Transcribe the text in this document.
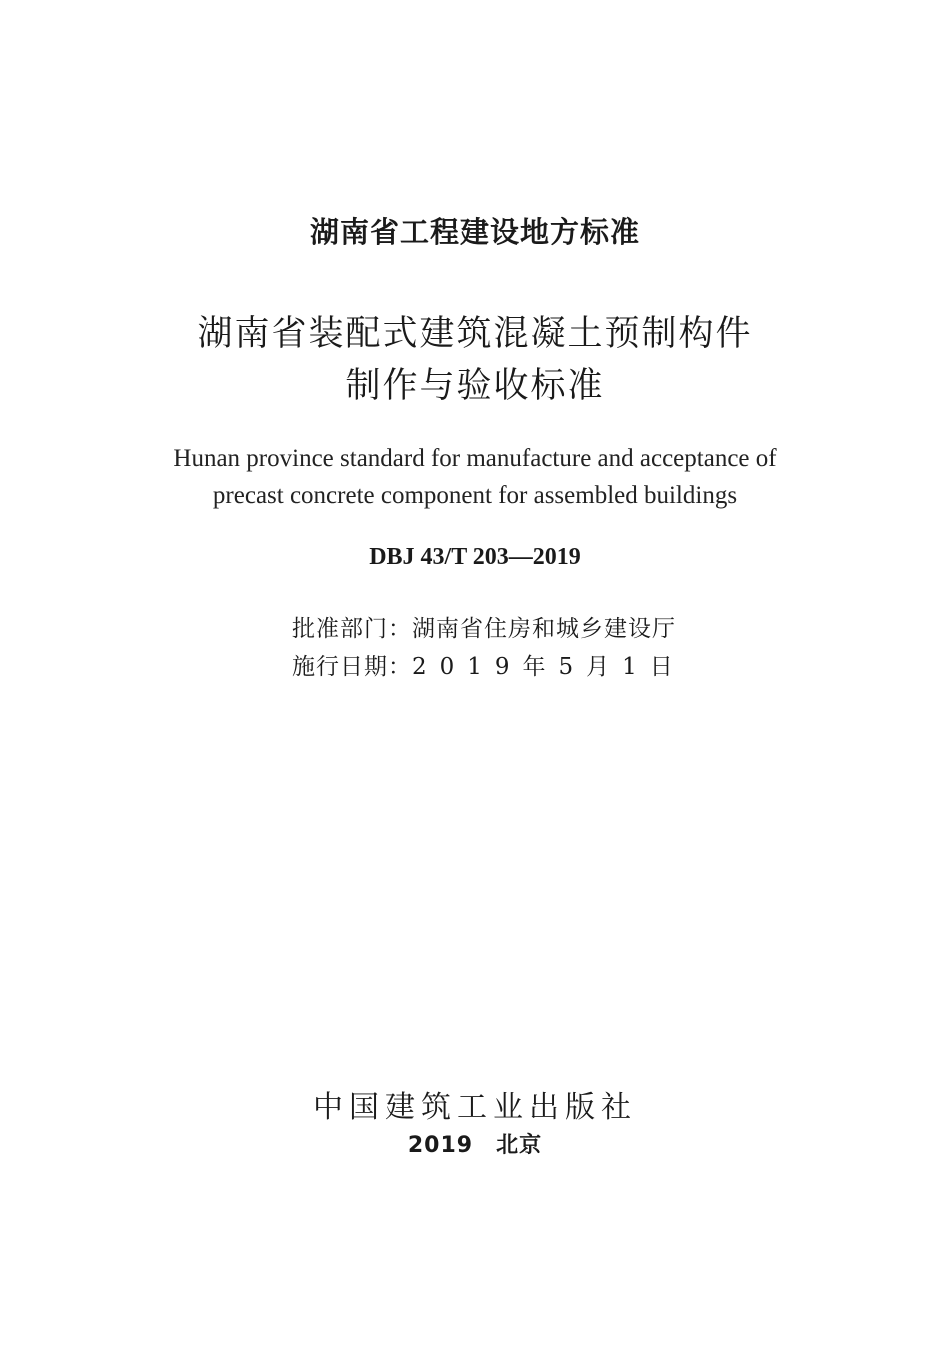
湖南省工程建设地方标准
湖南省装配式建筑混凝土预制构件
制作与验收标准
Hunan province standard for manufacture and acceptance of
precast concrete component for assembled buildings
DBJ 43/T 203—2019
批准部门：湖南省住房和城乡建设厅
施行日期：2019年5月1日
中国建筑工业出版社
2019　北京
